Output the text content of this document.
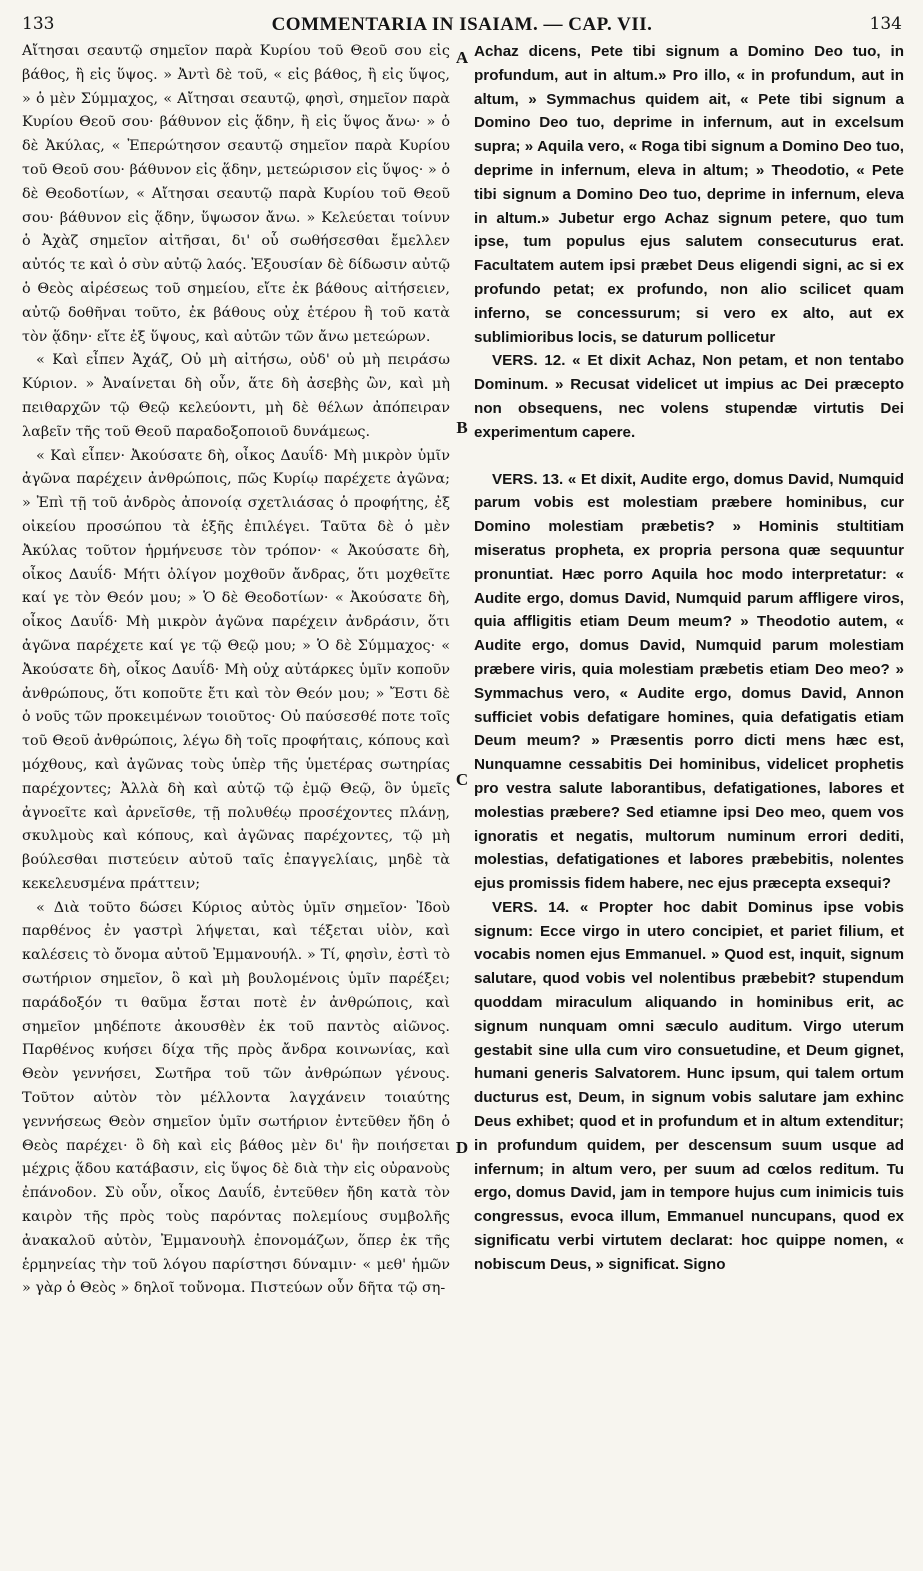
133	COMMENTARIA IN ISAIAM. — CAP. VII.	134

Αἴτησαι σεαυτῷ σημεῖον παρὰ Κυρίου τοῦ Θεοῦ σου εἰς βάθος, ἢ εἰς ὕψος. » Ἀντὶ δὲ τοῦ, « εἰς βάθος, ἢ εἰς ὕψος, » ὁ μὲν Σύμμαχος, « Αἴτησαι σεαυτῷ, φησὶ, σημεῖον παρὰ Κυρίου Θεοῦ σου· βάθυνον εἰς ᾅδην, ἢ εἰς ὕψος ἄνω· » ὁ δὲ Ἀκύλας, « Ἐπερώτησον σεαυτῷ σημεῖον παρὰ Κυρίου τοῦ Θεοῦ σου· βάθυνον εἰς ᾅδην, μετεώρισον εἰς ὕψος· » ὁ δὲ Θεοδοτίων, « Αἴτησαι σεαυτῷ παρὰ Κυρίου τοῦ Θεοῦ σου· βάθυνον εἰς ᾅδην, ὕψωσον ἄνω. » Κελεύεται τοίνυν ὁ Ἀχὰζ σημεῖον αἰτῆσαι, δι' οὗ σωθήσεσθαι ἔμελλεν αὐτός τε καὶ ὁ σὺν αὐτῷ λαός. Ἐξουσίαν δὲ δίδωσιν αὐτῷ ὁ Θεὸς αἱρέσεως τοῦ σημείου, εἴτε ἐκ βάθους αἰτήσειεν, αὐτῷ δοθῆναι τοῦτο, ἐκ βάθους οὐχ ἑτέρου ἢ τοῦ κατὰ τὸν ᾅδην· εἴτε ἐξ ὕψους, καὶ αὐτῶν τῶν ἄνω μετεώρων.

« Καὶ εἶπεν Ἀχάζ, Οὐ μὴ αἰτήσω, οὐδ' οὐ μὴ πειράσω Κύριον. » Ἀναίνεται δὴ οὖν, ἅτε δὴ ἀσεβὴς ὢν, καὶ μὴ πειθαρχῶν τῷ Θεῷ κελεύοντι, μὴ δὲ θέλων ἀπόπειραν λαβεῖν τῆς τοῦ Θεοῦ παραδοξοποιοῦ δυνάμεως.

« Καὶ εἶπεν· Ἀκούσατε δὴ, οἶκος Δαυΐδ· Μὴ μικρὸν ὑμῖν ἀγῶνα παρέχειν ἀνθρώποις, πῶς Κυρίῳ παρέχετε ἀγῶνα; » Ἐπὶ τῇ τοῦ ἀνδρὸς ἀπονοίᾳ σχετλιάσας ὁ προφήτης, ἐξ οἰκείου προσώπου τὰ ἑξῆς ἐπιλέγει. Ταῦτα δὲ ὁ μὲν Ἀκύλας τοῦτον ἡρμήνευσε τὸν τρόπον· « Ἀκούσατε δὴ, οἶκος Δαυΐδ· Μήτι ὀλίγον μοχθοῦν ἄνδρας, ὅτι μοχθεῖτε καί γε τὸν Θεόν μου; » Ὁ δὲ Θεοδοτίων· « Ἀκούσατε δὴ, οἶκος Δαυΐδ· Μὴ μικρὸν ἀγῶνα παρέχειν ἀνδράσιν, ὅτι ἀγῶνα παρέχετε καί γε τῷ Θεῷ μου; » Ὁ δὲ Σύμμαχος· « Ἀκούσατε δὴ, οἶκος Δαυΐδ· Μὴ οὐχ αὐτάρκες ὑμῖν κοποῦν ἀνθρώπους, ὅτι κοποῦτε ἔτι καὶ τὸν Θεόν μου; » Ἔστι δὲ ὁ νοῦς τῶν προκειμένων τοιοῦτος· Οὐ παύσεσθέ ποτε τοῖς τοῦ Θεοῦ ἀνθρώποις, λέγω δὴ τοῖς προφήταις, κόπους καὶ μόχθους, καὶ ἀγῶνας τοὺς ὑπὲρ τῆς ὑμετέρας σωτηρίας παρέχοντες; Ἀλλὰ δὴ καὶ αὐτῷ τῷ ἐμῷ Θεῷ, ὃν ὑμεῖς ἀγνοεῖτε καὶ ἀρνεῖσθε, τῇ πολυθέῳ προσέχοντες πλάνῃ, σκυλμοὺς καὶ κόπους, καὶ ἀγῶνας παρέχοντες, τῷ μὴ βούλεσθαι πιστεύειν αὐτοῦ ταῖς ἐπαγγελίαις, μηδὲ τὰ κεκελευσμένα πράττειν;

« Διὰ τοῦτο δώσει Κύριος αὐτὸς ὑμῖν σημεῖον· Ἰδοὺ παρθένος ἐν γαστρὶ λήψεται, καὶ τέξεται υἱὸν, καὶ καλέσεις τὸ ὄνομα αὐτοῦ Ἐμμανουήλ. » Τί, φησὶν, ἐστὶ τὸ σωτήριον σημεῖον, ὃ καὶ μὴ βουλομένοις ὑμῖν παρέξει; παράδοξόν τι θαῦμα ἔσται ποτὲ ἐν ἀνθρώποις, καὶ σημεῖον μηδέποτε ἀκουσθὲν ἐκ τοῦ παντὸς αἰῶνος. Παρθένος κυήσει δίχα τῆς πρὸς ἄνδρα κοινωνίας, καὶ Θεὸν γεννήσει, Σωτῆρα τοῦ τῶν ἀνθρώπων γένους. Τοῦτον αὐτὸν τὸν μέλλοντα λαγχάνειν τοιαύτης γεννήσεως Θεὸν σημεῖον ὑμῖν σωτήριον ἐντεῦθεν ἤδη ὁ Θεὸς παρέχει· ὃ δὴ καὶ εἰς βάθος μὲν δι' ἣν ποιήσεται μέχρις ᾅδου κατάβασιν, εἰς ὕψος δὲ διὰ τὴν εἰς οὐρανοὺς ἐπάνοδον. Σὺ οὖν, οἶκος Δαυΐδ, ἐντεῦθεν ἤδη κατὰ τὸν καιρὸν τῆς πρὸς τοὺς παρόντας πολεμίους συμβολῆς ἀνακαλοῦ αὐτὸν, Ἐμμανουὴλ ἐπονομάζων, ὅπερ ἐκ τῆς ἑρμηνείας τὴν τοῦ λόγου παρίστησι δύναμιν· « μεθ' ἡμῶν » γὰρ ὁ Θεὸς » δηλοῖ τοὔνομα. Πιστεύων οὖν δῆτα τῷ ση-

A
B
C
D

Achaz dicens, Pete tibi signum a Domino Deo tuo, in profundum, aut in altum.» Pro illo, « in profundum, aut in altum, » Symmachus quidem ait, « Pete tibi signum a Domino Deo tuo, deprime in infernum, aut in excelsum supra; » Aquila vero, « Roga tibi signum a Domino Deo tuo, deprime in infernum, eleva in altum; » Theodotio, « Pete tibi signum a Domino Deo tuo, deprime in infernum, eleva in altum.» Jubetur ergo Achaz signum petere, quo tum ipse, tum populus ejus salutem consecuturus erat. Facultatem autem ipsi præbet Deus eligendi signi, ac si ex profundo petat; ex profundo, non alio scilicet quam inferno, se concessurum; si vero ex alto, aut ex sublimioribus locis, se daturum pollicetur

VERS. 12. « Et dixit Achaz, Non petam, et non tentabo Dominum. » Recusat videlicet ut impius ac Dei præcepto non obsequens, nec volens stupendæ virtutis Dei experimentum capere.

VERS. 13. « Et dixit, Audite ergo, domus David, Numquid parum vobis est molestiam præbere hominibus, cur Domino molestiam præbetis? » Hominis stultitiam miseratus propheta, ex propria persona quæ sequuntur pronuntiat. Hæc porro Aquila hoc modo interpretatur: « Audite ergo, domus David, Numquid parum affligere viros, quia affligitis etiam Deum meum? » Theodotio autem, « Audite ergo, domus David, Numquid parum molestiam præbere viris, quia molestiam præbetis etiam Deo meo? » Symmachus vero, « Audite ergo, domus David, Annon sufficiet vobis defatigare homines, quia defatigatis etiam Deum meum? » Præsentis porro dicti mens hæc est, Nunquamne cessabitis Dei hominibus, videlicet prophetis pro vestra salute laborantibus, defatigationes, labores et molestias præbere? Sed etiamne ipsi Deo meo, quem vos ignoratis et negatis, multorum numinum errori dediti, molestias, defatigationes et labores præbebitis, nolentes ejus promissis fidem habere, nec ejus præcepta exsequi?

VERS. 14. « Propter hoc dabit Dominus ipse vobis signum: Ecce virgo in utero concipiet, et pariet filium, et vocabis nomen ejus Emmanuel. » Quod est, inquit, signum salutare, quod vobis vel nolentibus præbebit? stupendum quoddam miraculum aliquando in hominibus erit, ac signum nunquam omni sæculo auditum. Virgo uterum gestabit sine ulla cum viro consuetudine, et Deum gignet, humani generis Salvatorem. Hunc ipsum, qui talem ortum ducturus est, Deum, in signum vobis salutare jam exhinc Deus exhibet; quod et in profundum et in altum extenditur; in profundum quidem, per descensum suum usque ad infernum; in altum vero, per suum ad cœlos reditum. Tu ergo, domus David, jam in tempore hujus cum inimicis tuis congressus, evoca illum, Emmanuel nuncupans, quod ex significatu verbi virtutem declarat: hoc quippe nomen, « nobiscum Deus, » significat. Signo
